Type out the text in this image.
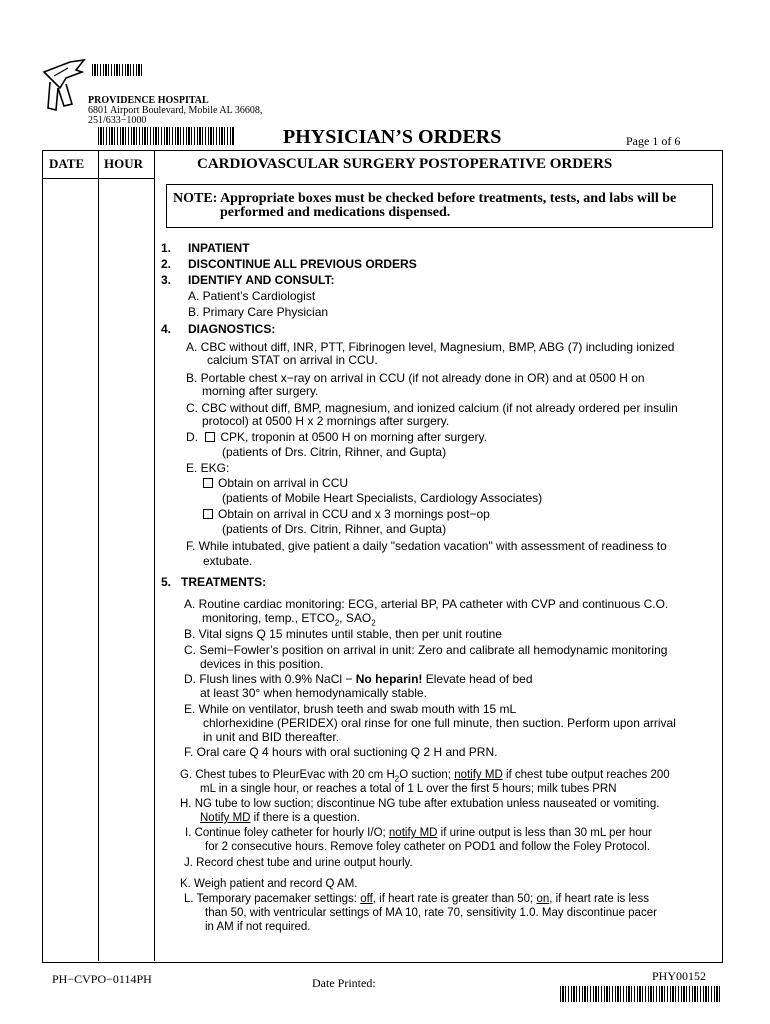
PROVIDENCE HOSPITAL
6801 Airport Boulevard, Mobile AL 36608,
251/633−1000
PHYSICIAN’S ORDERS	Page 1 of 6
DATE HOUR	CARDIOVASCULAR SURGERY POSTOPERATIVE ORDERS
NOTE: Appropriate boxes must be checked before treatments, tests, and labs will be
performed and medications dispensed.
1. INPATIENT
2. DISCONTINUE ALL PREVIOUS ORDERS
3. IDENTIFY AND CONSULT:
A. Patient’s Cardiologist
B. Primary Care Physician
4. DIAGNOSTICS:
A. CBC without diff, INR, PTT, Fibrinogen level, Magnesium, BMP, ABG (7) including ionized
calcium STAT on arrival in CCU.
B. Portable chest x−ray on arrival in CCU (if not already done in OR) and at 0500 H on
morning after surgery.
C. CBC without diff, BMP, magnesium, and ionized calcium (if not already ordered per insulin
protocol) at 0500 H x 2 mornings after surgery.
D. CPK, troponin at 0500 H on morning after surgery.
(patients of Drs. Citrin, Rihner, and Gupta)
E. EKG:
Obtain on arrival in CCU
(patients of Mobile Heart Specialists, Cardiology Associates)
Obtain on arrival in CCU and x 3 mornings post−op
(patients of Drs. Citrin, Rihner, and Gupta)
F. While intubated, give patient a daily "sedation vacation" with assessment of readiness to
extubate.
5. TREATMENTS:
A. Routine cardiac monitoring: ECG, arterial BP, PA catheter with CVP and continuous C.O.
monitoring, temp., $ETCO_2$, $SAO_2$
B. Vital signs Q 15 minutes until stable, then per unit routine
C. Semi−Fowler’s position on arrival in unit: Zero and calibrate all hemodynamic monitoring
devices in this position.
D. Flush lines with 0.9% NaCl − No heparin! Elevate head of bed
at least 30° when hemodynamically stable.
E. While on ventilator, brush teeth and swab mouth with 15 mL
chlorhexidine (PERIDEX) oral rinse for one full minute, then suction. Perform upon arrival
in unit and BID thereafter.
F. Oral care Q 4 hours with oral suctioning Q 2 H and PRN.
G. Chest tubes to PleurEvac with 20 cm $H_2O$ suction; notify MD if chest tube output reaches 200
mL in a single hour, or reaches a total of 1 L over the first 5 hours; milk tubes PRN
H. NG tube to low suction; discontinue NG tube after extubation unless nauseated or vomiting.
Notify MD if there is a question.
I. Continue foley catheter for hourly I/O; notify MD if urine output is less than 30 mL per hour
for 2 consecutive hours. Remove foley catheter on POD1 and follow the Foley Protocol.
J. Record chest tube and urine output hourly.
K. Weigh patient and record Q AM.
L. Temporary pacemaker settings: off, if heart rate is greater than 50; on, if heart rate is less
than 50, with ventricular settings of MA 10, rate 70, sensitivity 1.0. May discontinue pacer
in AM if not required.
PH−CVPO−0114PH	Date Printed:	PHY00152
